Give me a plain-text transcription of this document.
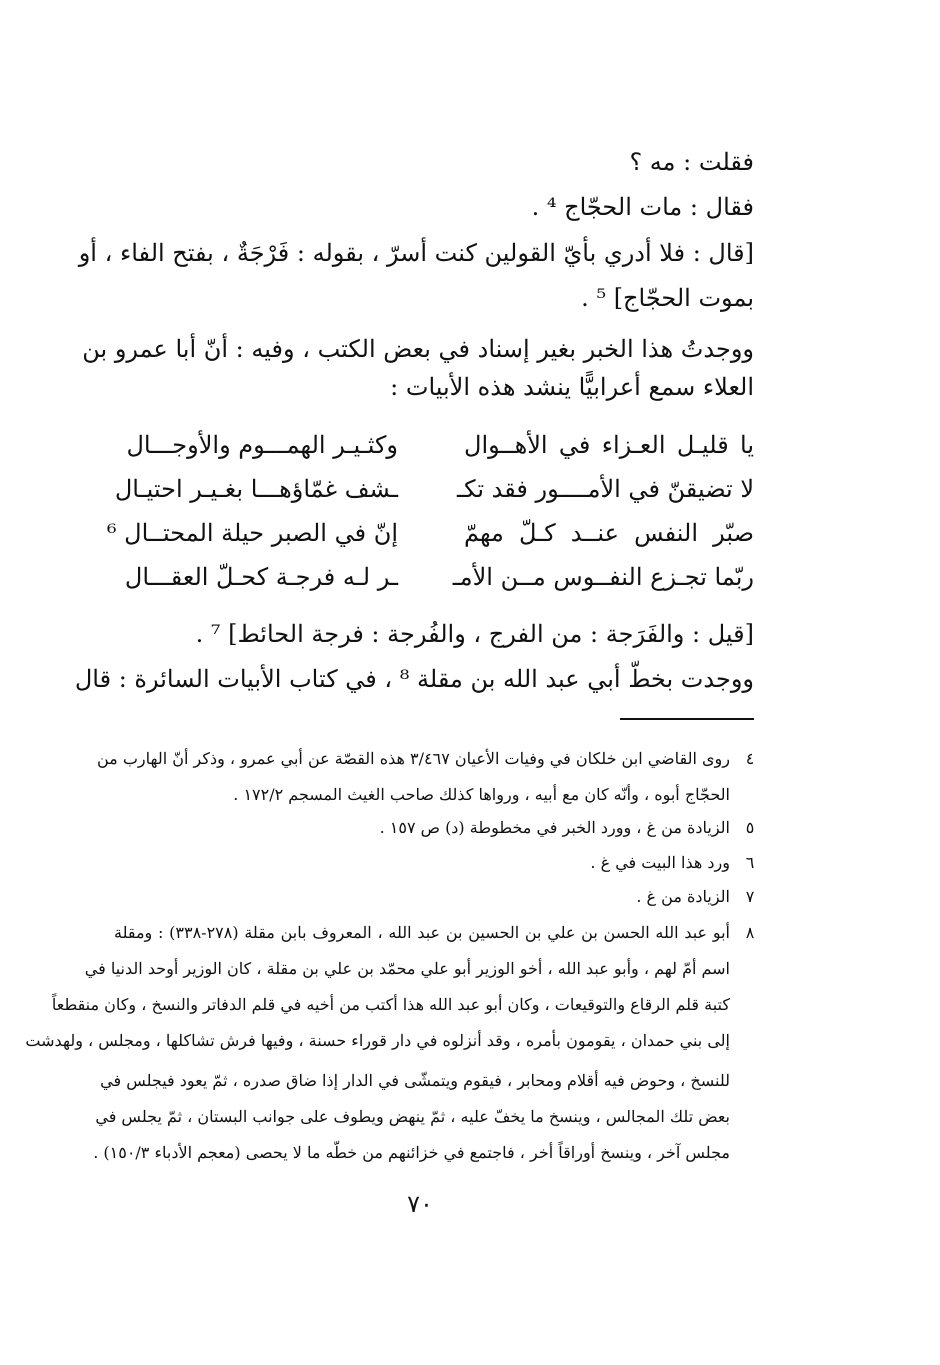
فقلت : مه ؟
فقال : مات الحجّاج ⁴ .
[قال : فلا أدري بأيّ القولين كنت أسرّ ، بقوله : فَرْجَةٌ ، بفتح الفاء ، أو
بموت الحجّاج] ⁵ .
ووجدتُ هذا الخبر بغير إسناد في بعض الكتب ، وفيه : أنّ أبا عمرو بن
العلاء سمع أعرابيًّا ينشد هذه الأبيات :
يا قليـل العـزاء في الأهــوال
وكثـيـر الهمـــوم والأوجـــال
لا تضيقنّ في الأمــــور فقد تكـ
ـشف غمّاؤهـــا بغـيـر احتيـال
صبّر النفس عنــد كـلّ مهمّ
إنّ في الصبر حيلة المحتــال ⁶
ربّما تجـزع النفــوس مــن الأمـ
ـر لـه فرجـة كحـلّ العقـــال
[قيل : والفَرَجة : من الفرج ، والفُرجة : فرجة الحائط] ⁷ .
ووجدت بخطّ أبي عبد الله بن مقلة ⁸ ، في كتاب الأبيات السائرة : قال
٤
روى القاضي ابن خلكان في وفيات الأعيان ٣/٤٦٧ هذه القصّة عن أبي عمرو ، وذكر أنّ الهارب من
الحجّاج أبوه ، وأنّه كان مع أبيه ، ورواها كذلك صاحب الغيث المسجم ١٧٢/٢ .
٥
الزيادة من غ ، وورد الخبر في مخطوطة (د) ص ١٥٧ .
٦
ورد هذا البيت في غ .
٧
الزيادة من غ .
٨
أبو عبد الله الحسن بن علي بن الحسين بن عبد الله ، المعروف بابن مقلة (٢٧٨-٣٣٨) : ومقلة
اسم أمّ لهم ، وأبو عبد الله ، أخو الوزير أبو علي محمّد بن علي بن مقلة ، كان الوزير أوحد الدنيا في
كتبة قلم الرقاع والتوقيعات ، وكان أبو عبد الله هذا أكتب من أخيه في قلم الدفاتر والنسخ ، وكان منقطعاً
إلى بني حمدان ، يقومون بأمره ، وقد أنزلوه في دار قوراء حسنة ، وفيها فرش تشاكلها ، ومجلس ، ولهدشت
للنسخ ، وحوض فيه أقلام ومحابر ، فيقوم ويتمشّى في الدار إذا ضاق صدره ، ثمّ يعود فيجلس في
بعض تلك المجالس ، وينسخ ما يخفّ عليه ، ثمّ ينهض ويطوف على جوانب البستان ، ثمّ يجلس في
مجلس آخر ، وينسخ أوراقاً أخر ، فاجتمع في خزائنهم من خطّه ما لا يحصى (معجم الأدباء ١٥٠/٣) .
٧٠
